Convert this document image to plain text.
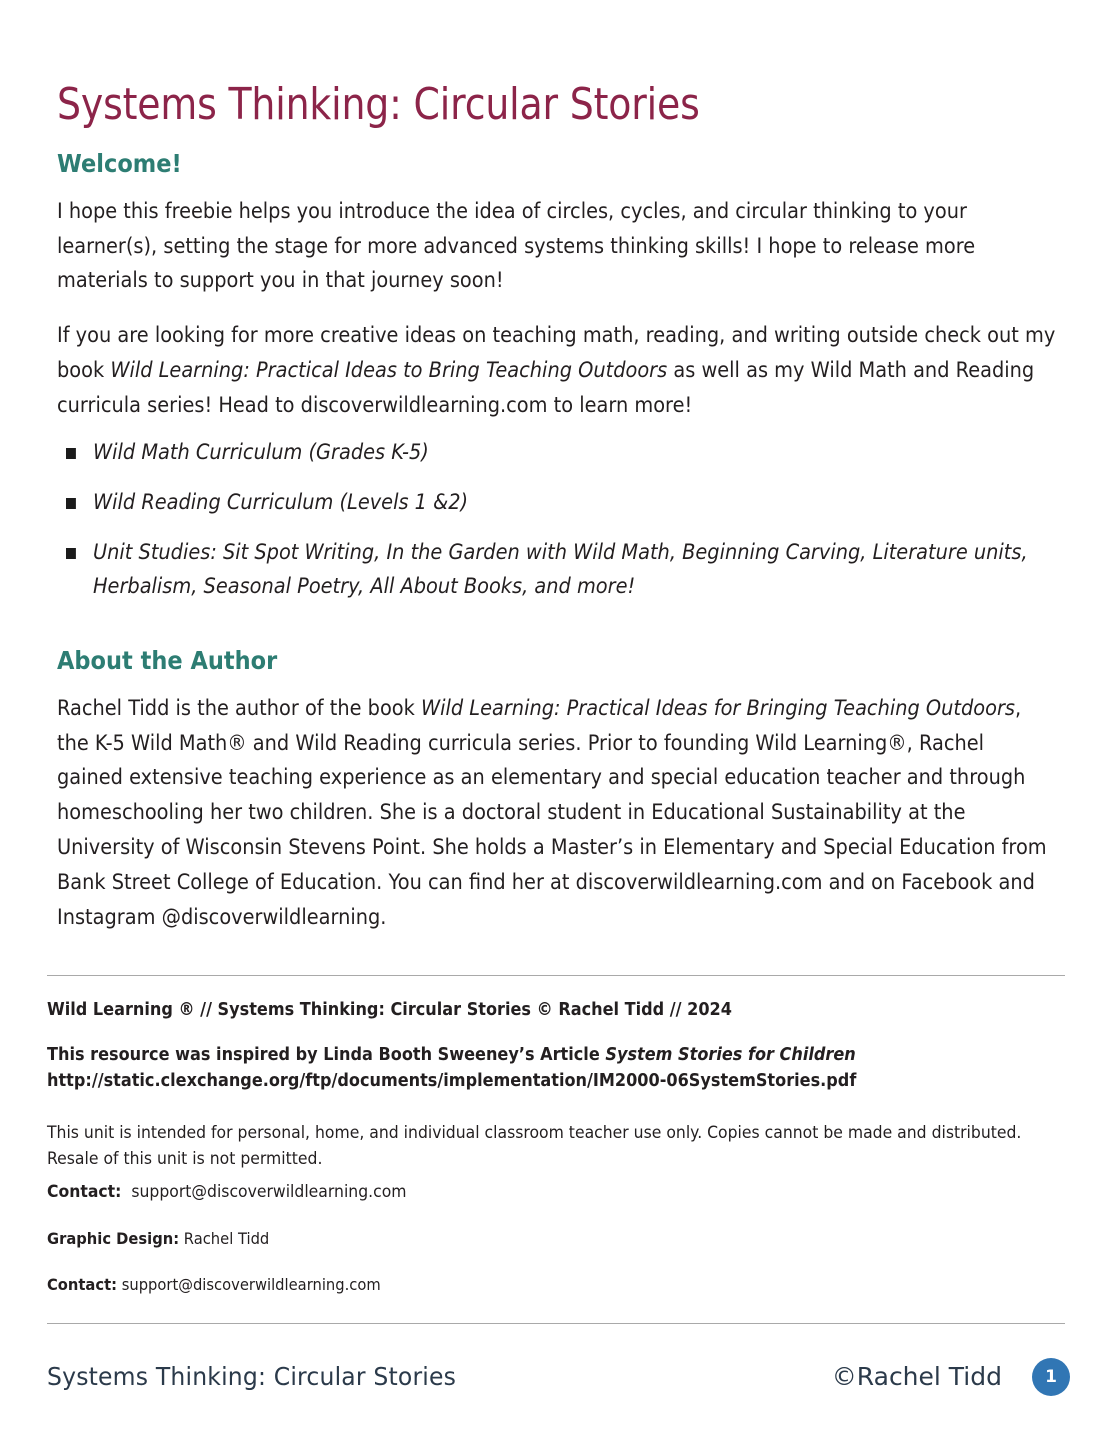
Systems Thinking: Circular Stories
Welcome!

I hope this freebie helps you introduce the idea of circles, cycles, and circular thinking to your learner(s), setting the stage for more advanced systems thinking skills! I hope to release more materials to support you in that journey soon!

If you are looking for more creative ideas on teaching math, reading, and writing outside check out my book Wild Learning: Practical Ideas to Bring Teaching Outdoors as well as my Wild Math and Reading curricula series! Head to discoverwildlearning.com to learn more!

Wild Math Curriculum (Grades K-5)
Wild Reading Curriculum (Levels 1 &2)
Unit Studies: Sit Spot Writing, In the Garden with Wild Math, Beginning Carving, Literature units, Herbalism, Seasonal Poetry, All About Books, and more!
About the Author

Rachel Tidd is the author of the book Wild Learning: Practical Ideas for Bringing Teaching Outdoors, the K-5 Wild Math® and Wild Reading curricula series. Prior to founding Wild Learning®, Rachel gained extensive teaching experience as an elementary and special education teacher and through homeschooling her two children. She is a doctoral student in Educational Sustainability at the University of Wisconsin Stevens Point. She holds a Master’s in Elementary and Special Education from Bank Street College of Education. You can find her at discoverwildlearning.com and on Facebook and Instagram @discoverwildlearning.

Wild Learning ® // Systems Thinking: Circular Stories © Rachel Tidd // 2024

This resource was inspired by Linda Booth Sweeney’s Article System Stories for Children http://static.clexchange.org/ftp/documents/implementation/IM2000-06SystemStories.pdf

This unit is intended for personal, home, and individual classroom teacher use only. Copies cannot be made and distributed. Resale of this unit is not permitted.

Contact: support@discoverwildlearning.com

Graphic Design: Rachel Tidd

Contact: support@discoverwildlearning.com

Systems Thinking: Circular Stories	©Rachel Tidd	1
